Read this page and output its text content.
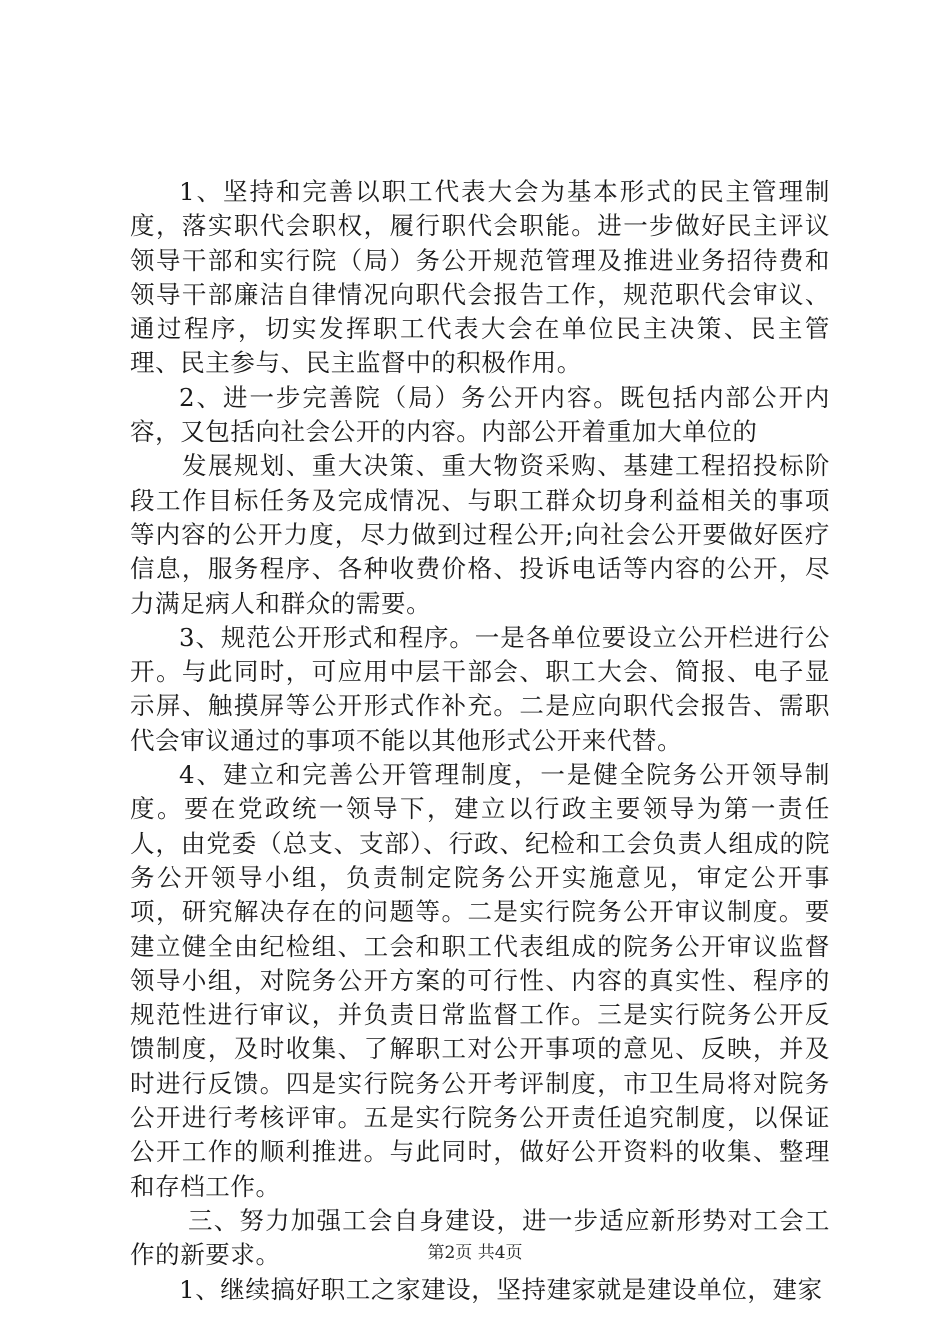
1、坚持和完善以职工代表大会为基本形式的民主管理制度，落实职代会职权，履行职代会职能。进一步做好民主评议领导干部和实行院（局）务公开规范管理及推进业务招待费和领导干部廉洁自律情况向职代会报告工作，规范职代会审议、通过程序，切实发挥职工代表大会在单位民主决策、民主管理、民主参与、民主监督中的积极作用。

2、进一步完善院（局）务公开内容。既包括内部公开内容，又包括向社会公开的内容。内部公开着重加大单位的

发展规划、重大决策、重大物资采购、基建工程招投标阶段工作目标任务及完成情况、与职工群众切身利益相关的事项等内容的公开力度，尽力做到过程公开;向社会公开要做好医疗信息，服务程序、各种收费价格、投诉电话等内容的公开，尽力满足病人和群众的需要。

3、规范公开形式和程序。一是各单位要设立公开栏进行公开。与此同时，可应用中层干部会、职工大会、简报、电子显示屏、触摸屏等公开形式作补充。二是应向职代会报告、需职代会审议通过的事项不能以其他形式公开来代替。

4、建立和完善公开管理制度，一是健全院务公开领导制度。要在党政统一领导下，建立以行政主要领导为第一责任人，由党委（总支、支部）、行政、纪检和工会负责人组成的院务公开领导小组，负责制定院务公开实施意见，审定公开事项，研究解决存在的问题等。二是实行院务公开审议制度。要建立健全由纪检组、工会和职工代表组成的院务公开审议监督领导小组，对院务公开方案的可行性、内容的真实性、程序的规范性进行审议，并负责日常监督工作。三是实行院务公开反馈制度，及时收集、了解职工对公开事项的意见、反映，并及时进行反馈。四是实行院务公开考评制度，市卫生局将对院务公开进行考核评审。五是实行院务公开责任追究制度，以保证公开工作的顺利推进。与此同时，做好公开资料的收集、整理和存档工作。

三、努力加强工会自身建设，进一步适应新形势对工会工作的新要求。

1、继续搞好职工之家建设，坚持建家就是建设单位，建家

第2页 共4页
